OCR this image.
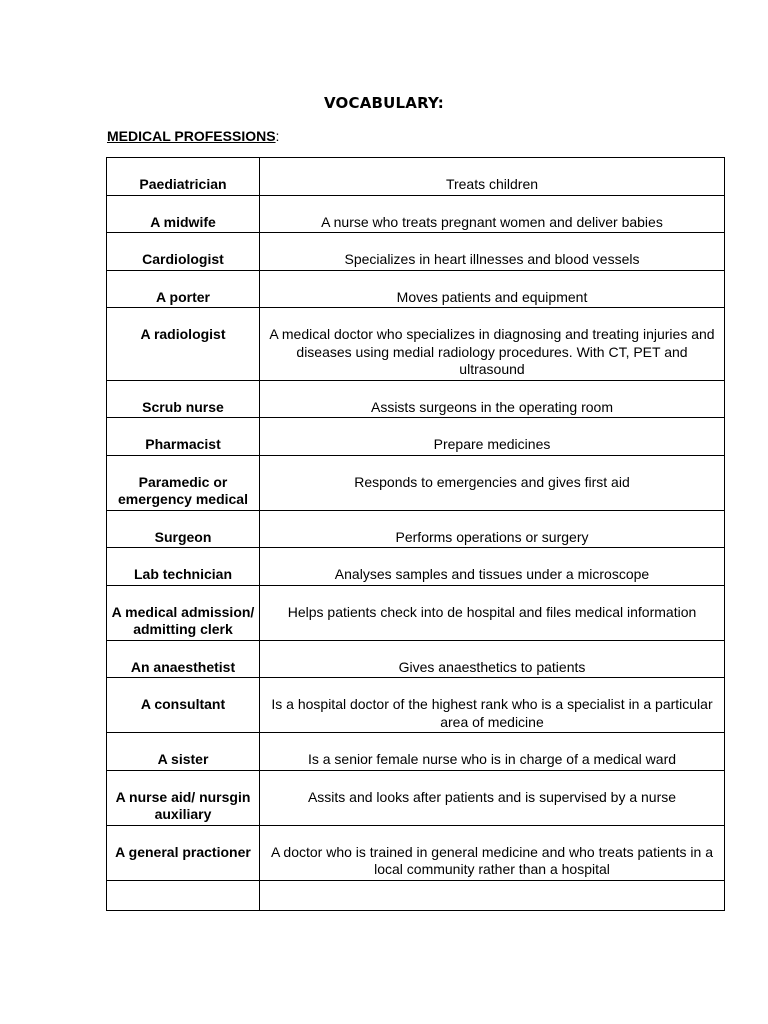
VOCABULARY:

MEDICAL PROFESSIONS:

Paediatrician	Treats children
A midwife	A nurse who treats pregnant women and deliver babies
Cardiologist	Specializes in heart illnesses and blood vessels
A porter	Moves patients and equipment
A radiologist	A medical doctor who specializes in diagnosing and treating injuries and diseases using medial radiology procedures. With CT, PET and ultrasound
Scrub nurse	Assists surgeons in the operating room
Pharmacist	Prepare medicines
Paramedic or emergency medical	Responds to emergencies and gives first aid
Surgeon	Performs operations or surgery
Lab technician	Analyses samples and tissues under a microscope
A medical admission/ admitting clerk	Helps patients check into de hospital and files medical information
An anaesthetist	Gives anaesthetics to patients
A consultant	Is a hospital doctor of the highest rank who is a specialist in a particular area of medicine
A sister	Is a senior female nurse who is in charge of a medical ward
A nurse aid/ nursgin auxiliary	Assits and looks after patients and is supervised by a nurse
A general practioner	A doctor who is trained in general medicine and who treats patients in a local community rather than a hospital
